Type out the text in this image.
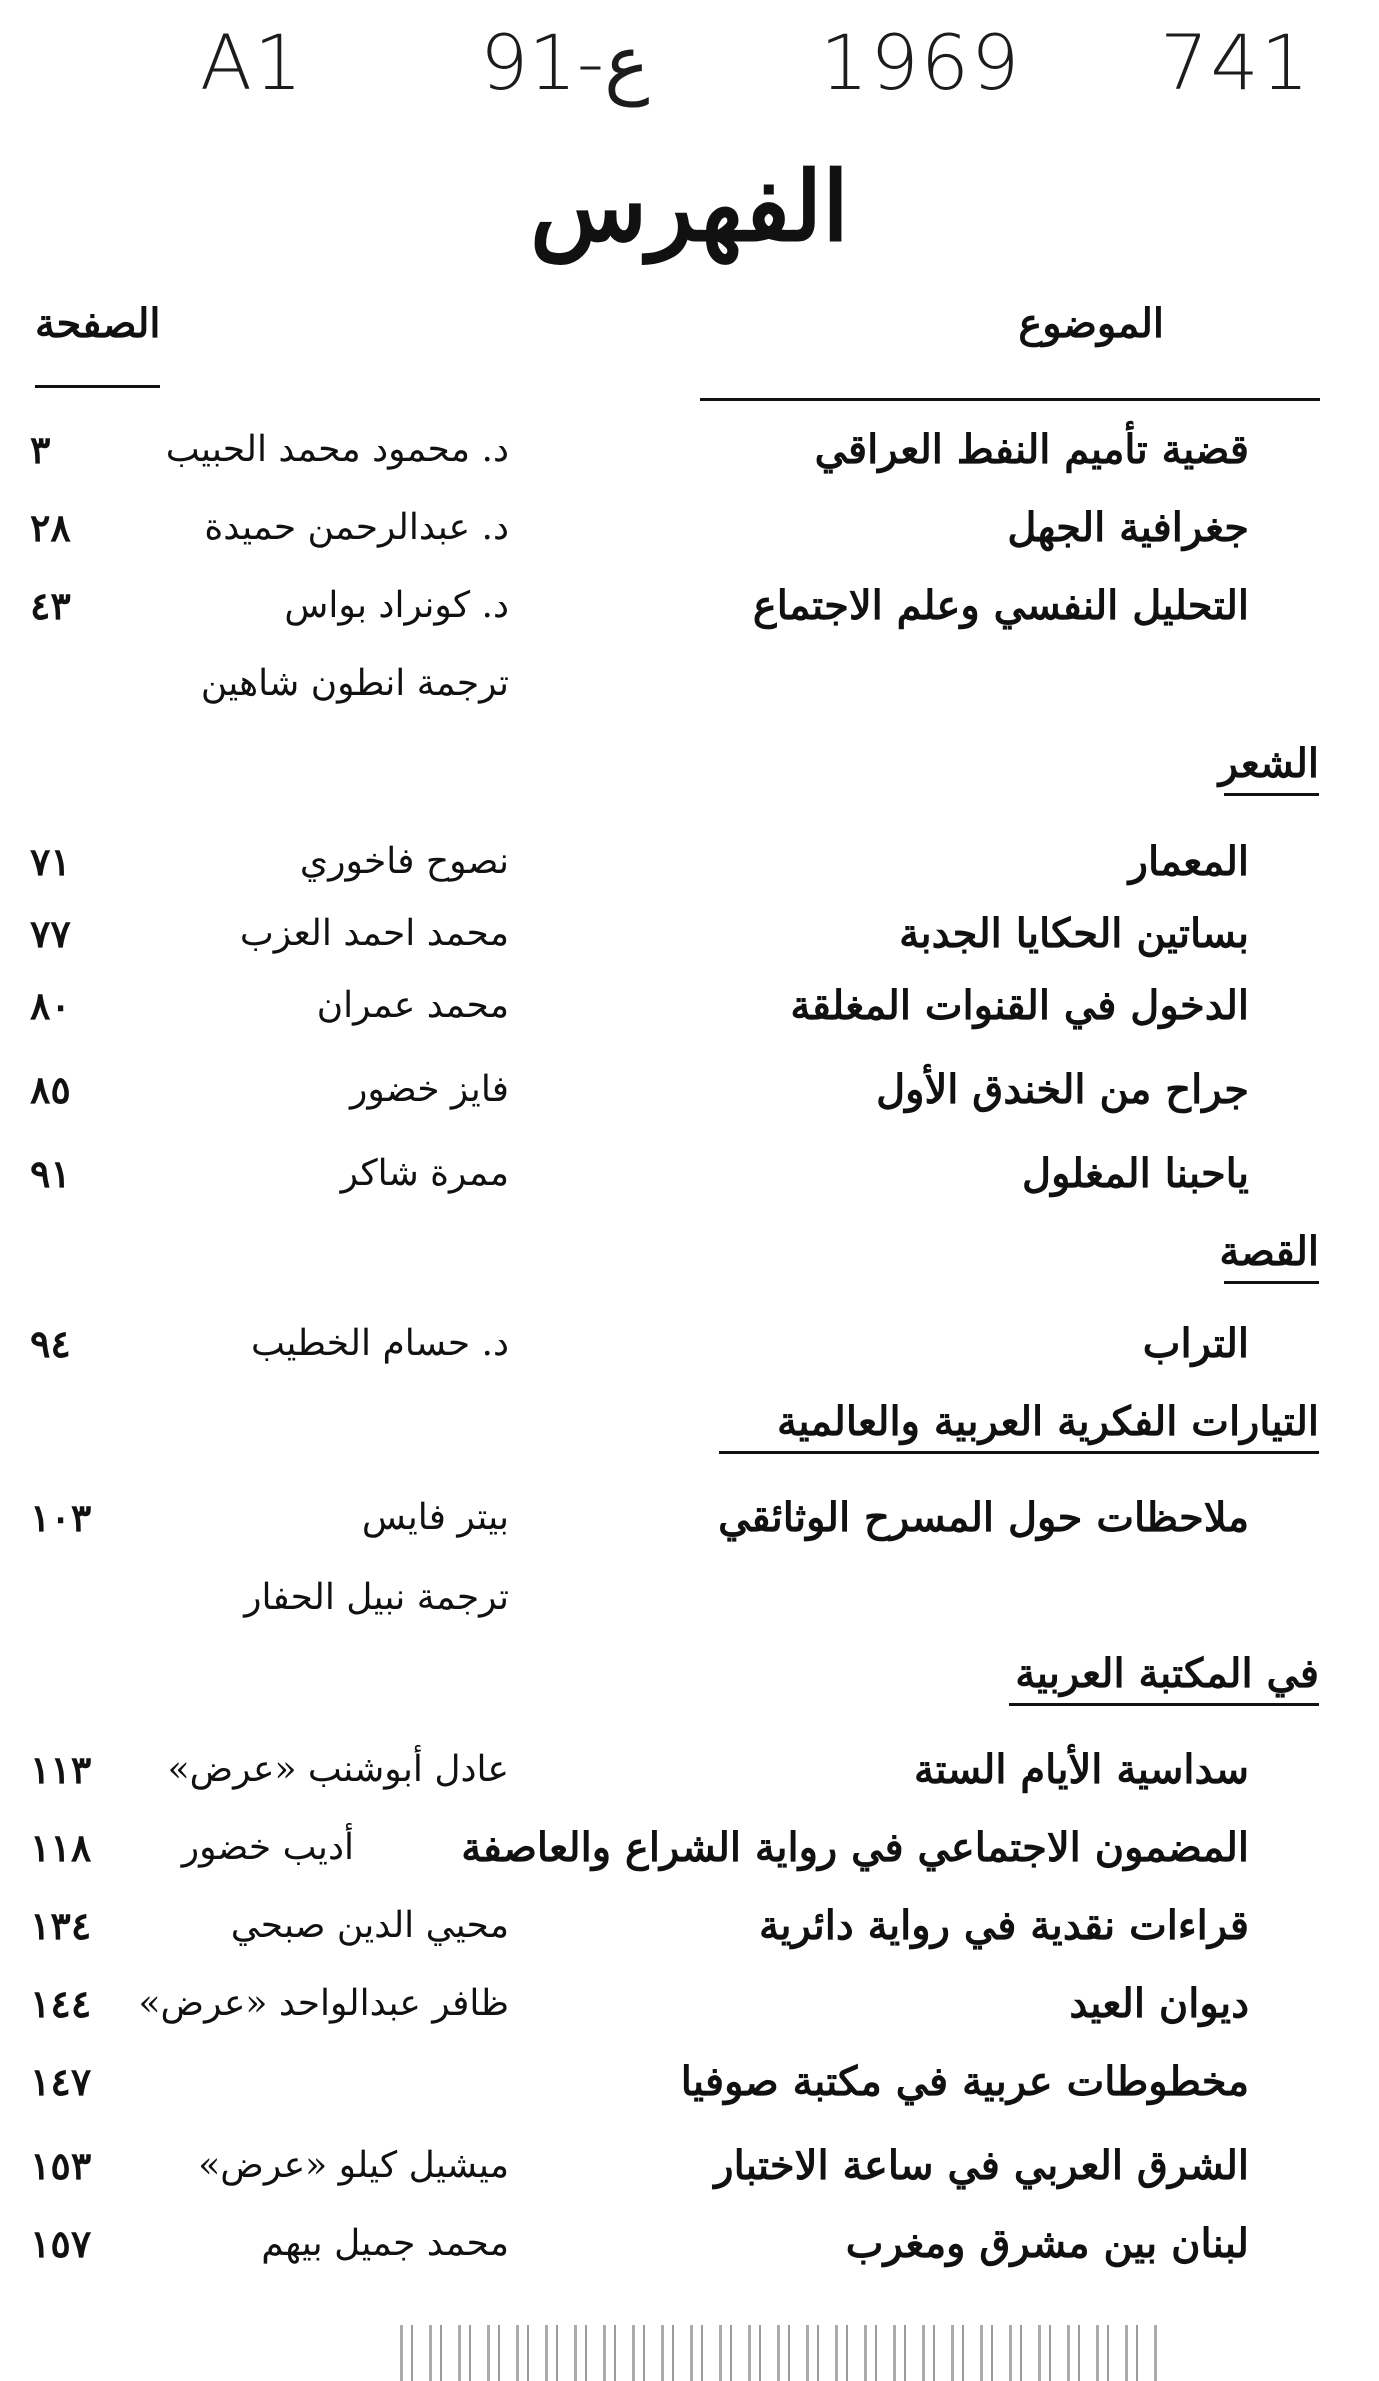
A1 91-ع 1969 741
الفهرس
الموضوع
الصفحة
قضية تأميم النفط العراقي
د. محمود محمد الحبيب
٣
جغرافية الجهل
د. عبدالرحمن حميدة
٢٨
التحليل النفسي وعلم الاجتماع
د. كونراد بواس
٤٣
ترجمة انطون شاهين
الشعر
المعمار
نصوح فاخوري
٧١
بساتين الحكايا الجدبة
محمد احمد العزب
٧٧
الدخول في القنوات المغلقة
محمد عمران
٨٠
جراح من الخندق الأول
فايز خضور
٨٥
ياحبنا المغلول
ممرة شاكر
٩١
القصة
التراب
د. حسام الخطيب
٩٤
التيارات الفكرية العربية والعالمية
ملاحظات حول المسرح الوثائقي
بيتر فايس
١٠٣
ترجمة نبيل الحفار
في المكتبة العربية
سداسية الأيام الستة
عادل أبوشنب «عرض»
١١٣
المضمون الاجتماعي في رواية الشراع والعاصفة
١١٨	أديب خضور
قراءات نقدية في رواية دائرية
محيي الدين صبحي
١٣٤
ديوان العيد
ظافر عبدالواحد «عرض»
١٤٤
مخطوطات عربية في مكتبة صوفيا
١٤٧
الشرق العربي في ساعة الاختبار
ميشيل كيلو «عرض»
١٥٣
لبنان بين مشرق ومغرب
محمد جميل بيهم
١٥٧
